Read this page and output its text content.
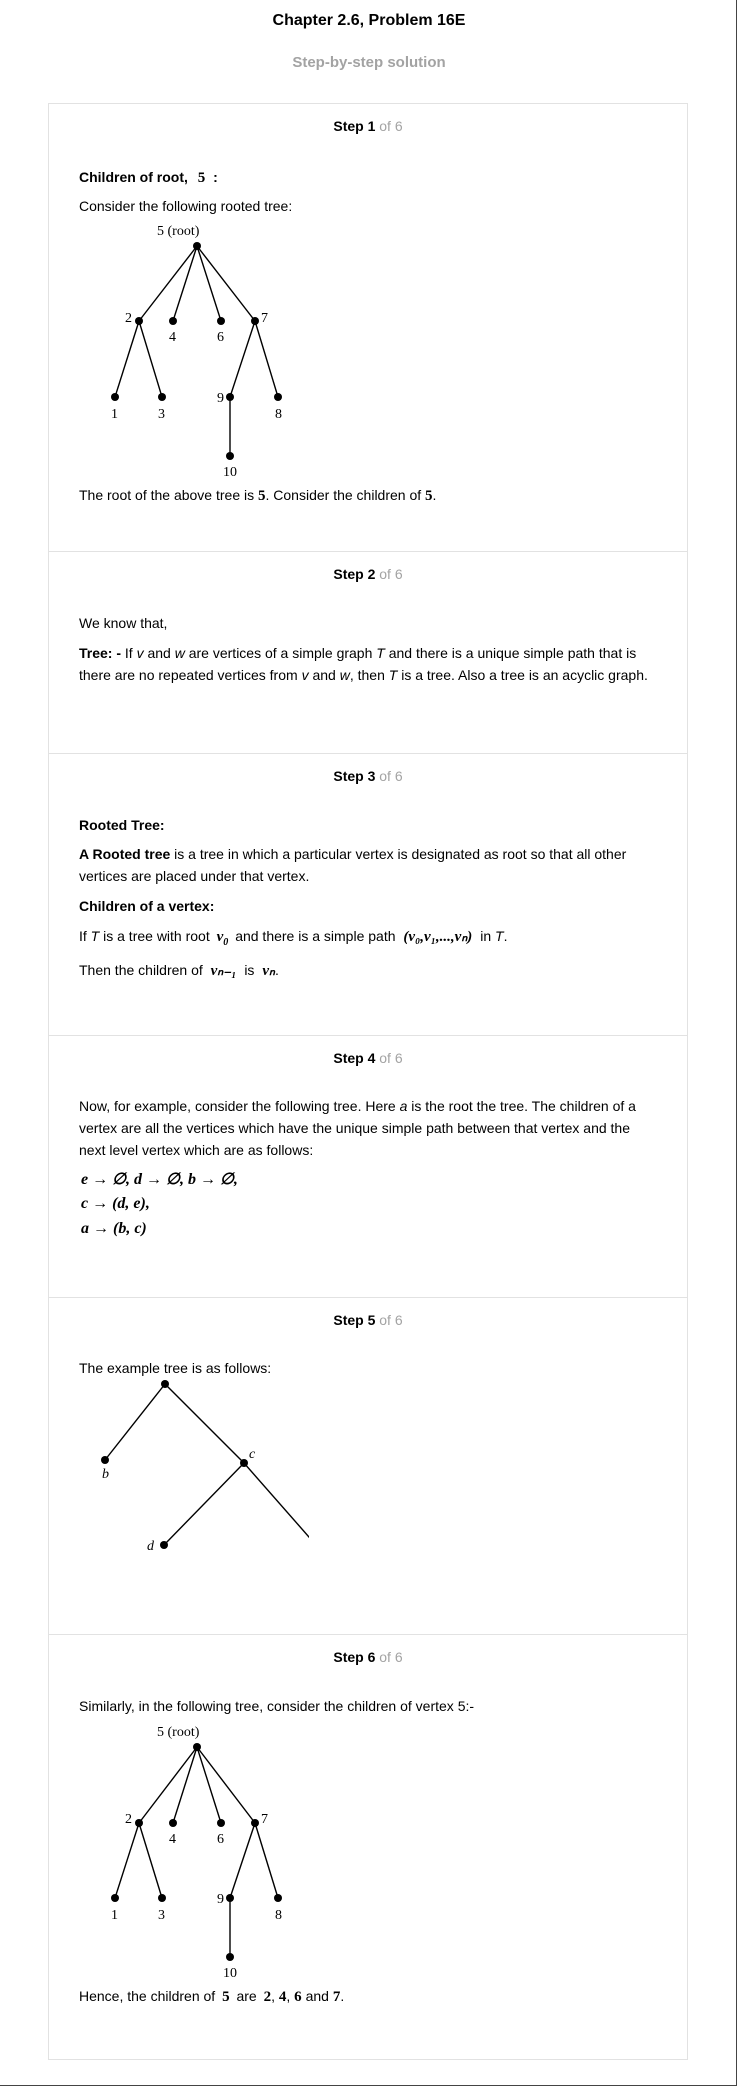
Chapter 2.6, Problem 16E
Step-by-step solution
Step 1 of 6
Children of root, 5 :
Consider the following rooted tree:
5 (root)
2
4	6
7
1	3
9
8
10
The root of the above tree is 5. Consider the children of 5.
Step 2 of 6
We know that,
Tree: - If v and w are vertices of a simple graph T and there is a unique simple path that is there are no repeated vertices from v and w, then T is a tree. Also a tree is an acyclic graph.
Step 3 of 6
Rooted Tree:
A Rooted tree is a tree in which a particular vertex is designated as root so that all other vertices are placed under that vertex.
Children of a vertex:
If T is a tree with root $v_0$ and there is a simple path (v₀,v₁,...,vₙ) in T.
Then the children of vₙ₋₁ is vₙ.
Step 4 of 6
Now, for example, consider the following tree. Here a is the root the tree. The children of a vertex are all the vertices which have the unique simple path between that vertex and the next level vertex which are as follows:
e → ∅, d → ∅, b → ∅,
c → (d, e),
a → (b, c)
Step 5 of 6
The example tree is as follows:
b
c
d
Step 6 of 6
Similarly, in the following tree, consider the children of vertex 5:-
5 (root)
2
4	6
7
1	3
9
8
10
Hence, the children of 5 are 2, 4, 6 and 7.
